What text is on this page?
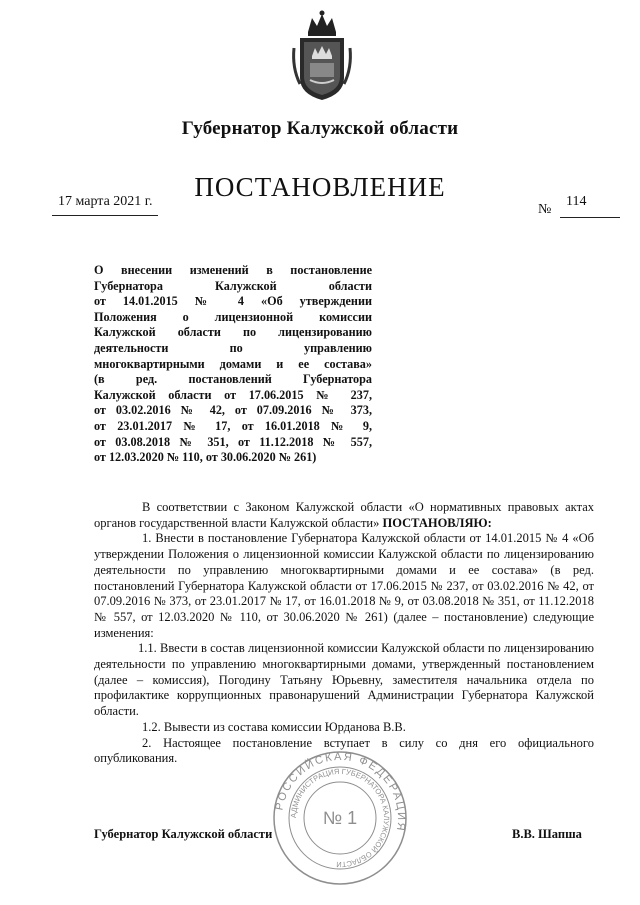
Губернатор Калужской области
ПОСТАНОВЛЕНИЕ
17 марта 2021 г.
№
114
О внесении изменений в постановление
Губернатора Калужской области
от 14.01.2015 № 4 «Об утверждении
Положения о лицензионной комиссии
Калужской области по лицензированию
деятельности по управлению
многоквартирными домами и ее состава»
(в ред. постановлений Губернатора
Калужской области от 17.06.2015 № 237,
от 03.02.2016 № 42, от 07.09.2016 № 373,
от 23.01.2017 № 17, от 16.01.2018 № 9,
от 03.08.2018 № 351, от 11.12.2018 № 557,
от 12.03.2020 № 110, от 30.06.2020 № 261)

В соответствии с Законом Калужской области «О нормативных правовых актах органов государственной власти Калужской области» ПОСТАНОВЛЯЮ:

1. Внести в постановление Губернатора Калужской области от 14.01.2015 № 4 «Об утверждении Положения о лицензионной комиссии Калужской области по лицензированию деятельности по управлению многоквартирными домами и ее состава» (в ред. постановлений Губернатора Калужской области от 17.06.2015 № 237, от 03.02.2016 № 42, от 07.09.2016 № 373, от 23.01.2017 № 17, от 16.01.2018 № 9, от 03.08.2018 № 351, от 11.12.2018 № 557, от 12.03.2020 № 110, от 30.06.2020 № 261) (далее – постановление) следующие изменения:

1.1. Ввести в состав лицензионной комиссии Калужской области по лицензированию деятельности по управлению многоквартирными домами, утвержденный постановлением (далее – комиссия), Погодину Татьяну Юрьевну, заместителя начальника отдела по профилактике коррупционных правонарушений Администрации Губернатора Калужской области.

1.2. Вывести из состава комиссии Юрданова В.В.

2. Настоящее постановление вступает в силу со дня его официального опубликования.

Губернатор Калужской области	В.В. Шапша
РОССИЙСКАЯ ФЕДЕРАЦИЯ
АДМИНИСТРАЦИЯ ГУБЕРНАТОРА КАЛУЖСКОЙ ОБЛАСТИ
№ 1
